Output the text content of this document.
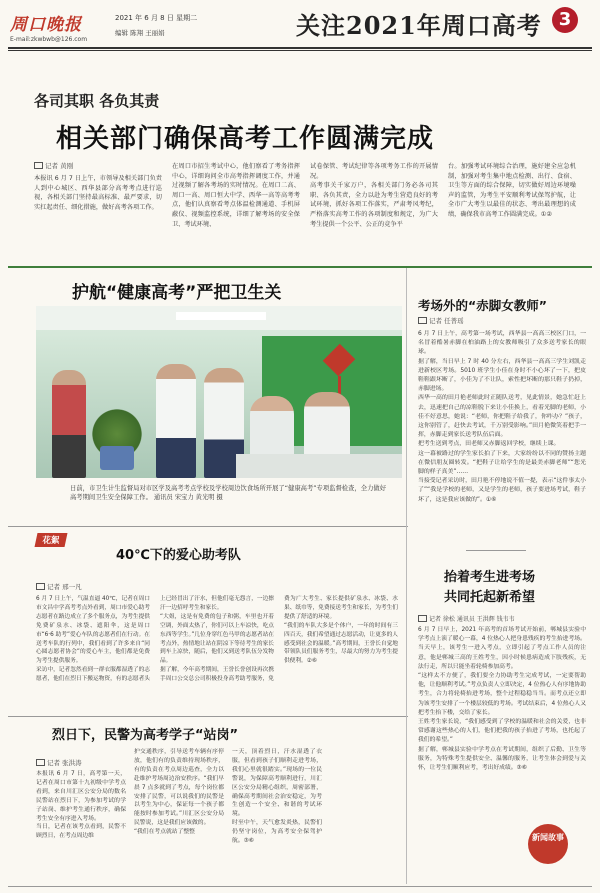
周口晚报
E-mail:zkwbwb@126.com
2021 年 6 月 8 日 星期二
编辑 陈翔 王丽娟	关注2021年周口高考 3
各司其职 各负其责
相关部门确保高考工作圆满完成
记者 黄刚
本报讯 6 月 7 日上午，市领导及相关部门负责人到中心城区、西华县部分高考考点进行巡视，各相关部门坚持最高标准、最严要求，切实扛起责任、细化措施，做好高考各项工作。
在周口市招生考试中心，他们察看了考务指挥中心，详细询问全市高考指挥调度工作，并通过视频了解各考场的实时情况。在周口二高、周口一高、周口恒大中学、西华一高等高考考点，他们认真察看考点体温检测通道、手机屏蔽仪、视频监控系统，详细了解考场的安全保卫、考试环境、
试卷保管、考试纪律等各项考务工作的开展情况。
高考事关千家万户，各相关部门务必各司其职、各负其责，全力以赴为考生营造良好的考试环境，抓好各项工作落实，严肃考风考纪，严格落实高考工作的各项制度和规定，为广大考生提供一个公平、公正的竞争平
台。加强考试环境综合治理，施好建全应急机制，加强对考生集中地点检测、出行、食宿、卫生等方面的综合保障，切实做好周边环境噪声的监管，为考生平安顺利考试保驾护航，让全市广大考生以最佳的状态、考出最理想的成绩，确保我市高考工作圆满完成。①②
护航“健康高考”严把卫生关
日前，市卫生计生监督局对市区学及高考考点学校及学校周边饮食场所开展了“健康高考”专项监督检查，全力做好高考期间卫生安全保障工作。 通讯员 宋宝力 黄光明 摄
考场外的“赤脚女教师”
记者 任普瑶
6 月 7 日上午，高考第一场考试，西华县一高高三校区门口，一名冒着酷暑赤脚在柏油路上的女教师吸引了众多送考家长的眼球。
据了解，当日早上 7 时 40 分左右，西华县一高高三学生刘凯走进新校区考场。5010 班学生小佳在身时不小心坏了一下，把皮鞋鞋跟坏断了，小佳为了不让队，索性把坏断的那只鞋子扔掉，赤脚进场。
西华一高的田月艳老师此时正随队送考，见此情景，她急忙赶上去，迅速把自己的凉鞋脱下来让小佳换上，看着光脚的老师，小佳不好意思，她说：“老师，你把鞋子给我了，你咋办？”孩子，这你别管了，赶快去考试，千万别受影响。”田月艳微笑着把手一挥，赤脚走到家长送考队伍后面。
把考生送到考点，田老师又赤脚返回学校，继续上课。
这一幕被路过的学生家长拍了下来，大家纷纷以不同的赞扬主题在微信朋友圈转发。“把鞋子让给学生的是最美赤脚老师”“您光脚的样子真美”……
当接受记者采访时，田月艳不停地说不值一提，表示“这件事太小了”“我是学校的老师，又是学生的老师，孩子要进场考试，鞋子坏了，这是我应该做的”。①⑥
花絮
40℃下的爱心助考队
记者 邢一凡
6 月 7 日上午，气温直逼 40℃，记者在周口市文昌中学高考考点外看到，周口市爱心助考志愿者在路边成立了多个服务点，为考生提供免费矿泉水、冰袋、遮阳伞，这是周口市“6·6 助考”爱心车队的志愿者们在行动。在送考车队的行列中，我们看到了许多来自“同心圆志愿者协会”的爱心车主，他们都是免费为考生提供服务。
采访中，记者忽然看到一群衣服都湿透了的志愿者，他们在烈日下搬运物资，有的志愿者头上已经冒出了汗水，但他们毫无怨言，一边擦汗一边招呼考生和家长。
“大姐，这是有免费的包子和粥，车里也开着空调，外面太热了，你们可以上车凉快，吃点东西等学生。”几位身穿红色马甲的志愿者站在考点外，热情地让站在阴凉下等待考生的家长到车上凉快，随后，他们又到送考队伍分发物品。
据了解，今年高考期间，王誉长誉创设再次携手周口公交总公司积极投身高考助考服务，免费为广大考生、家长提供矿泉水、冰袋、水果、纸巾等，免费接送考生和家长，为考生们提供了舒适的环境。
“我们的车队大多是个体户，一年的时间有三四百天，我们希望通过志愿活动，让更多的人感受到社会的温暖。”高考期间，王誉长自觉地带领队员们服务考生，尽最大的努力为考生提供便利。②⑥
抬着考生进考场
共同托起新希望
记者 徐松 通讯员 王洪辉 钱韦韦
6 月 7 日早上，2021 年高考的首场考试开始前，郸城县实验中学考点上演了暖心一幕，4 位热心人把身患残疾的考生抬进考场。
当天早上，该考生一进入考点，立即引起了考点工作人员的注意，他是郸城三高的王姓考生，因小时候患病造成下肢残疾，无法行走，所以只能坐着轮椅参加高考。
“这样太不方便了，我们要全力协助考生完成考试，一定要帮助他，让他顺利考试。”考点负责人立即决定，4 位热心人有序地协助考生，合力将轮椅抬进考场，整个过程稳稳当当。而考点还立即为该考生安排了一个楼层较低的考场。考试结束后，4 位热心人又把考生抬下楼，交给了家长。
王姓考生家长说，“我们感受到了学校的温暖和社会的关爱，也非常感谢这些热心的人们，他们把我的孩子抬进了考场，也托起了我们的希望。”
据了解，郸城县实验中学考点在考试期间，组织了后勤、卫生等服务，为特殊考生提供安全、温馨的服务，让考生体会到爱与关怀，让考生们顺利应考，考出好成绩。③⑥
新闻故事
烈日下，民警为高考学子“站岗”
记者 张洪涛
本报讯 6 月 7 日，高考第一天，记者在周口市第十九初级中学考点看到，来自川汇区公安分局的数名民警站在烈日下，为参加考试的学子站岗、维护考生通行秩序，确保考生安全有序进入考场。
当日，记者在该考点看到，民警不顾烈日，在考点周边维
护交通秩序，引导送考车辆有序停放，他们有的负责维持现场秩序，有的负责在考点周边巡查，全力以赴维护考场周边治安秩序。“我们早晨 7 点多就到了考点，每个岗位都安排了民警，可以说我们的民警是以考生为中心，保证每一个孩子都能按时参加考试。”川汇区公安分局民警说，这是我们应该做的。
“我们在考点就站了整整
一天，顶着烈日，汗水湿透了衣服，但看到孩子们顺利走进考场，我们心里就很踏实。”现场的一位民警说，为保障高考顺利进行，川汇区公安分局精心组织，周密部署，确保高考期间社会治安稳定，为考生创造一个安全、和谐的考试环境。
时至中午，天气愈发炎热，民警们仍坚守岗位，为高考安全保驾护航。③⑥
